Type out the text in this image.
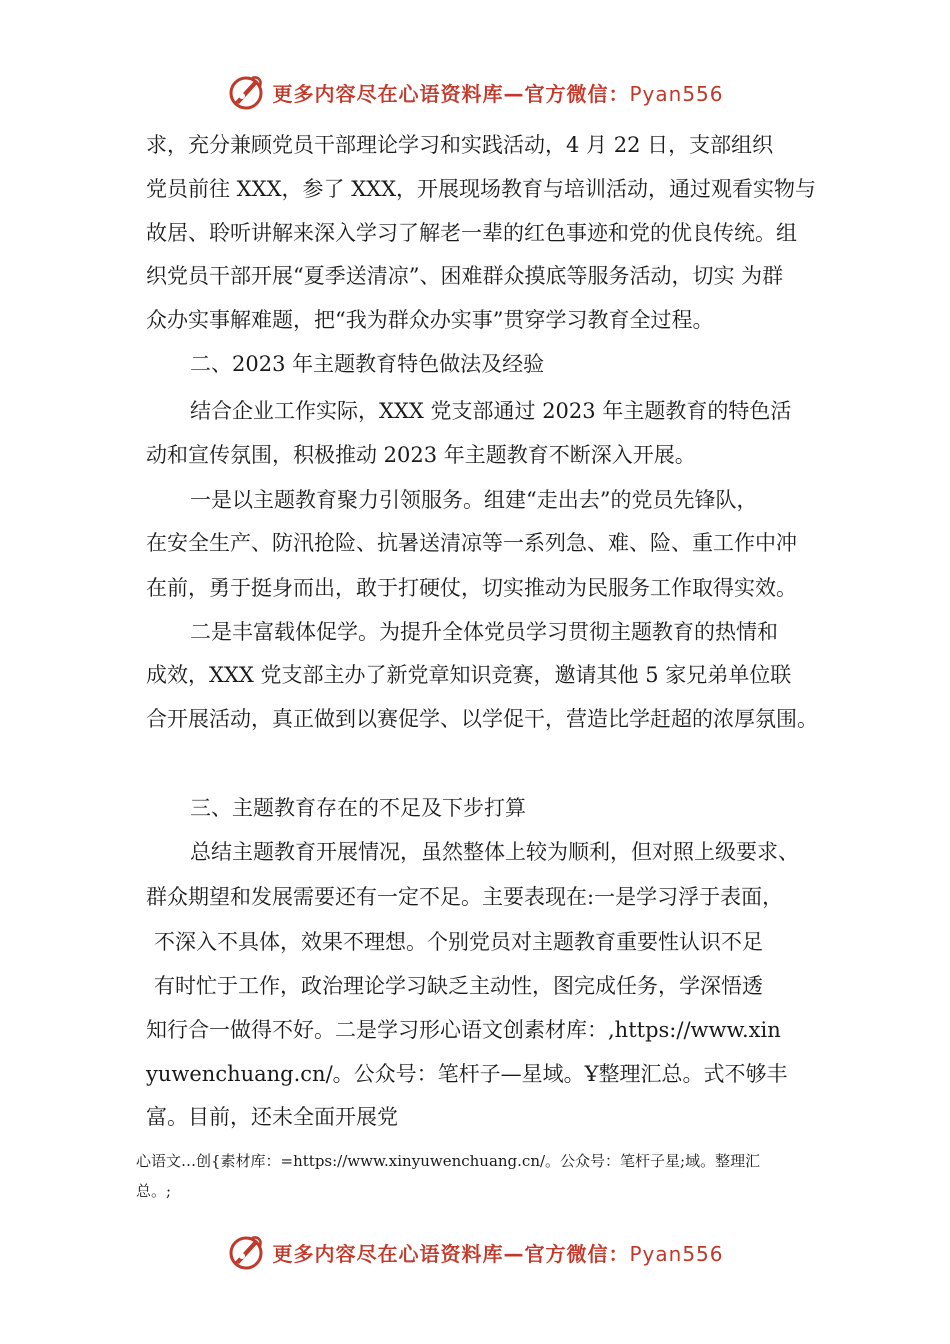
更多内容尽在心语资料库—官方微信：Pyan556
求，充分兼顾党员干部理论学习和实践活动，4 月 22 日，支部组织
党员前往 XXX，参了 XXX，开展现场教育与培训活动，通过观看实物与
故居、聆听讲解来深入学习了解老一辈的红色事迹和党的优良传统。组
织党员干部开展“夏季送清凉”、困难群众摸底等服务活动，切实 为群
众办实事解难题，把“我为群众办实事”贯穿学习教育全过程。
二、2023 年主题教育特色做法及经验
结合企业工作实际，XXX 党支部通过 2023 年主题教育的特色活
动和宣传氛围，积极推动 2023 年主题教育不断深入开展。
一是以主题教育聚力引领服务。组建“走出去”的党员先锋队，
在安全生产、防汛抢险、抗暑送清凉等一系列急、难、险、重工作中冲
在前，勇于挺身而出，敢于打硬仗，切实推动为民服务工作取得实效。
二是丰富载体促学。为提升全体党员学习贯彻主题教育的热情和
成效，XXX 党支部主办了新党章知识竞赛，邀请其他 5 家兄弟单位联
合开展活动，真正做到以赛促学、以学促干，营造比学赶超的浓厚氛围。
三、主题教育存在的不足及下步打算
总结主题教育开展情况，虽然整体上较为顺利，但对照上级要求、
群众期望和发展需要还有一定不足。主要表现在:一是学习浮于表面，
不深入不具体，效果不理想。个别党员对主题教育重要性认识不足
有时忙于工作，政治理论学习缺乏主动性，图完成任务，学深悟透
知行合一做得不好。二是学习形心语文创素材库：,https://www.xin
yuwenchuang.cn/。公众号：笔杆子—星域。Ұ整理汇总。式不够丰
富。目前，还未全面开展党
心语文…创{素材库：=https://www.xinyuwenchuang.cn/。公众号：笔杆子星;域。整理汇
总。;
更多内容尽在心语资料库—官方微信：Pyan556
